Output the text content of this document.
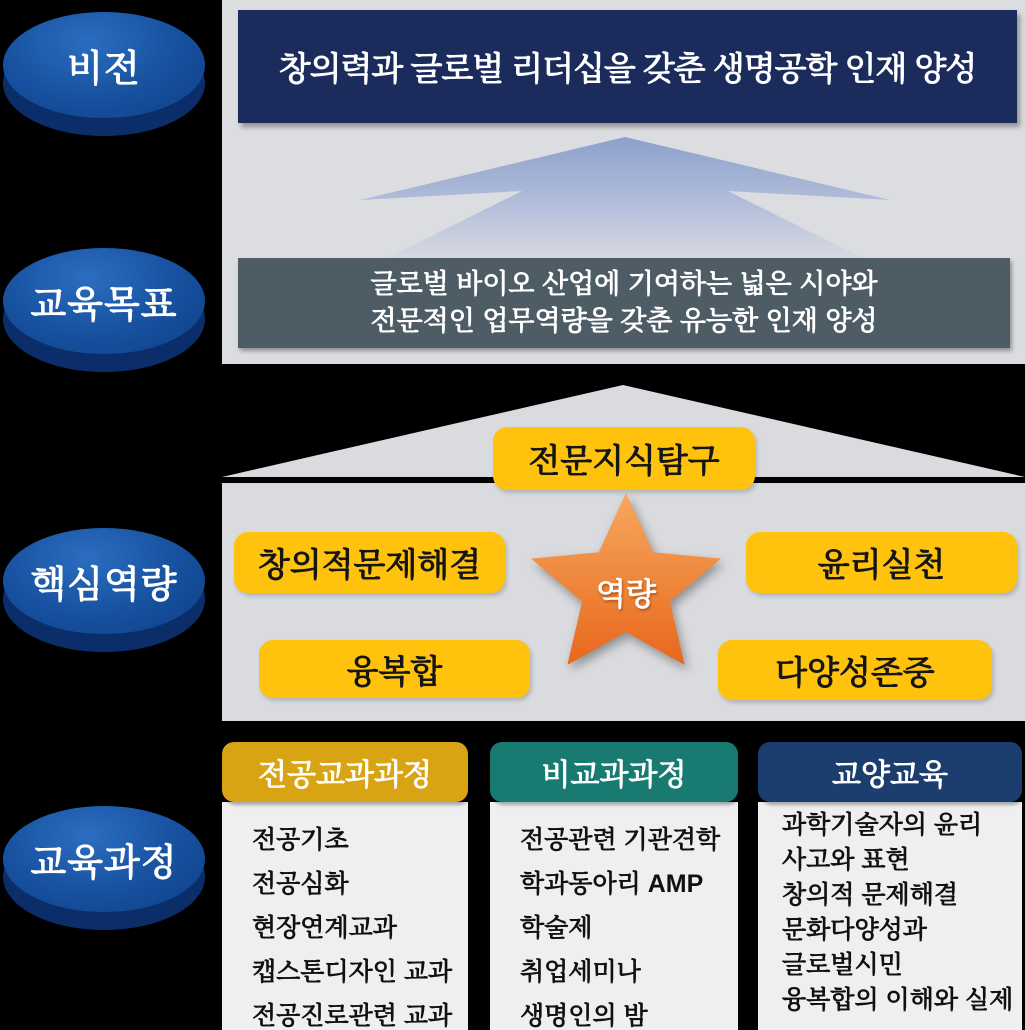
비전
교육목표
핵심역량
교육과정
창의력과 글로벌 리더십을 갖춘 생명공학 인재 양성
글로벌 바이오 산업에 기여하는 넓은 시야와
전문적인 업무역량을 갖춘 유능한 인재 양성
전문지식탐구
창의적문제해결	윤리실천
융복합	다양성존중
역량
전공교과과정
전공기초
전공심화
현장연계교과
캡스톤디자인 교과
전공진로관련 교과
비교과과정
전공관련 기관견학
학과동아리 AMP
학술제
취업세미나
생명인의 밤
교양교육
과학기술자의 윤리
사고와 표현
창의적 문제해결
문화다양성과
글로벌시민
융복합의 이해와 실제
